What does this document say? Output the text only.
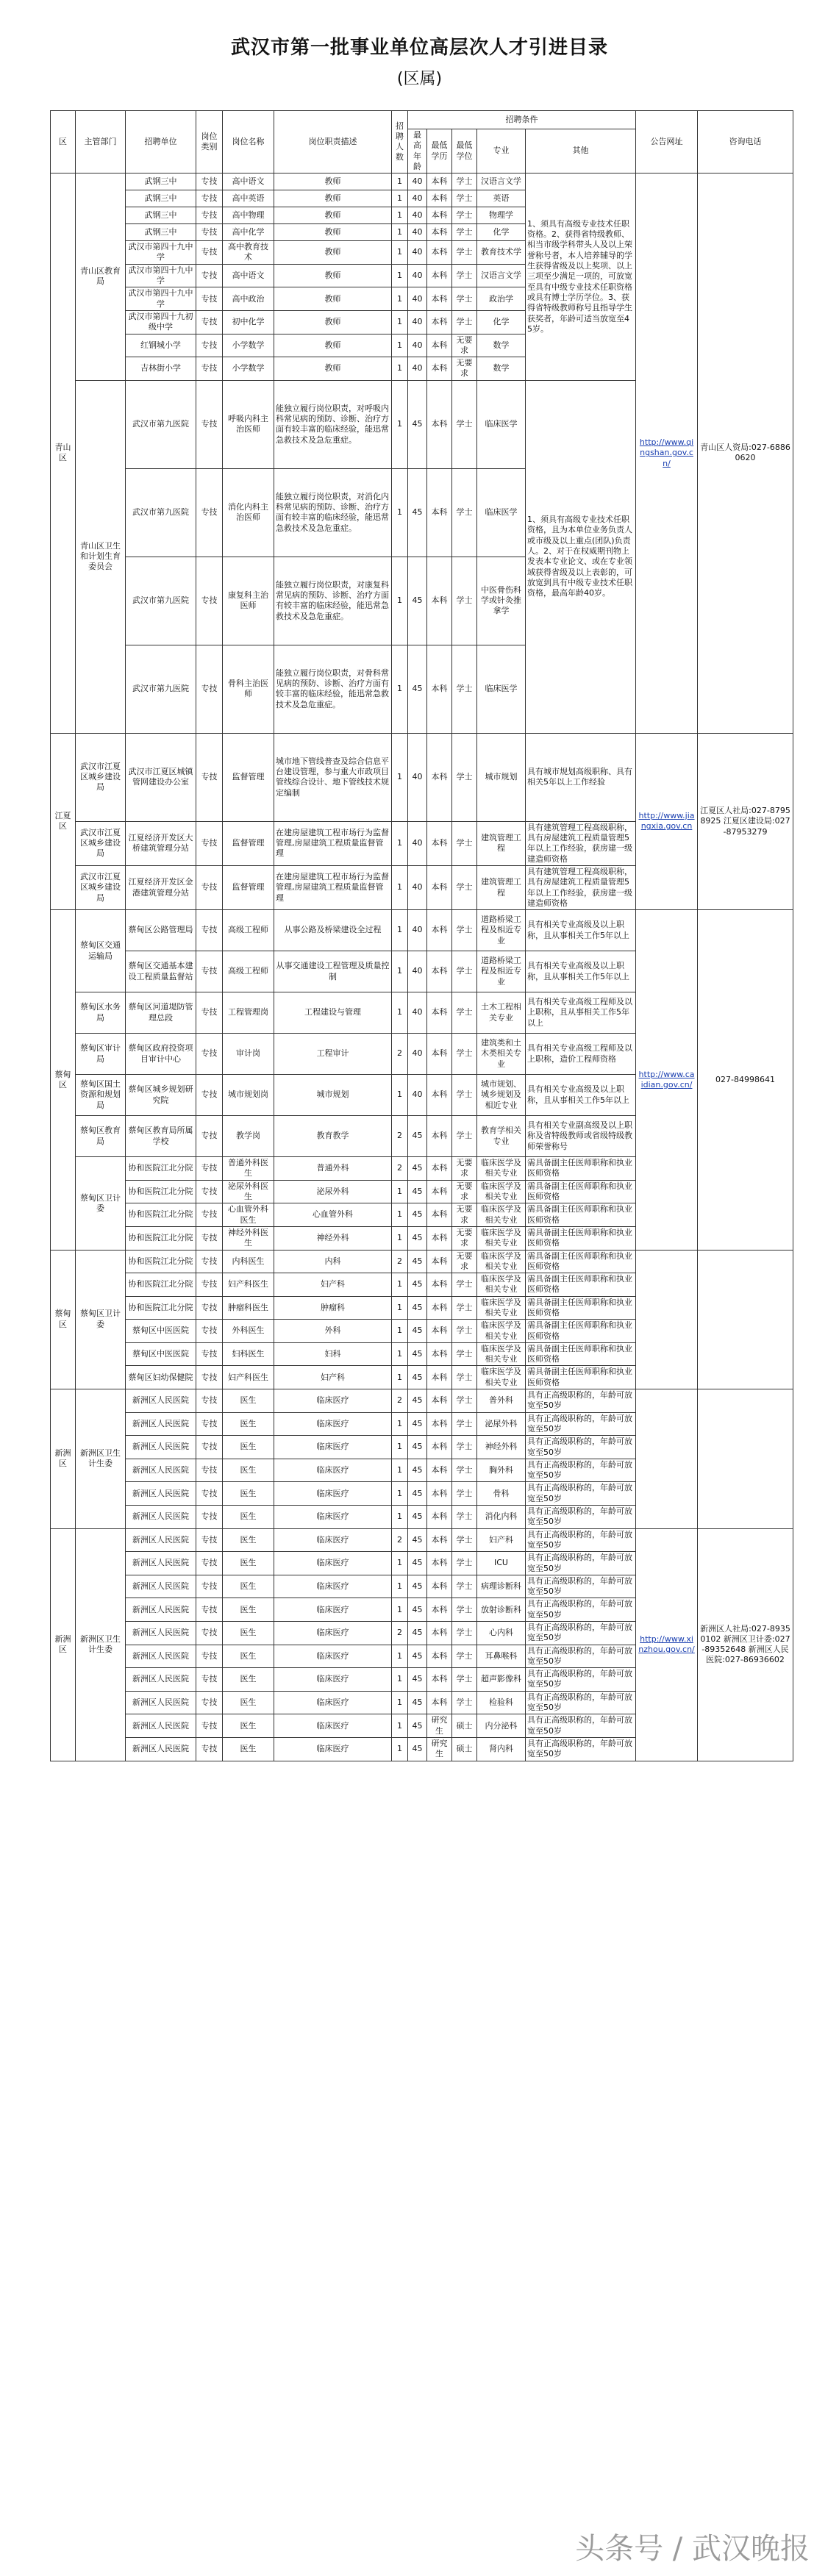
武汉市第一批事业单位高层次人才引进目录
(区属)
区	主管部门	招聘单位	岗位类别	岗位名称	岗位职责描述	招聘人数	招聘条件					公告网址	咨询电话
							最高年龄	最低学历	最低学位	专业	其他		
青山区	青山区教育局	武钢三中	专技	高中语文	教师	1	40	本科	学士	汉语言文学	1、须具有高级专业技术任职资格。2、获得省特级教师、相当市级学科带头人及以上荣誉称号者，本人培养辅导的学生获得省级及以上奖项、以上三项至少满足一项的，可放宽至具有中级专业技术任职资格或具有博士学历学位。3、获得省特级教师称号且指导学生获奖者，年龄可适当放宽至45岁。	http://www.qingshan.gov.cn/	青山区人资局:027-68860620
		武钢三中	专技	高中英语	教师	1	40	本科	学士	英语			
		武钢三中	专技	高中物理	教师	1	40	本科	学士	物理学			
		武钢三中	专技	高中化学	教师	1	40	本科	学士	化学			
		武汉市第四十九中学	专技	高中教育技术	教师	1	40	本科	学士	教育技术学			
		武汉市第四十九中学	专技	高中语文	教师	1	40	本科	学士	汉语言文学			
		武汉市第四十九中学	专技	高中政治	教师	1	40	本科	学士	政治学			
		武汉市第四十九初级中学	专技	初中化学	教师	1	40	本科	学士	化学			
		红钢城小学	专技	小学数学	教师	1	40	本科	无要求	数学			
		吉林街小学	专技	小学数学	教师	1	40	本科	无要求	数学			
	青山区卫生和计划生育委员会	武汉市第九医院	专技	呼吸内科主治医师	能独立履行岗位职责，对呼吸内科常见病的预防、诊断、治疗方面有较丰富的临床经验，能迅常急救技术及急危重症。	1	45	本科	学士	临床医学	1、须具有高级专业技术任职资格，且为本单位业务负责人或市级及以上重点(团队)负责人。2、对于在权威期刊物上发表本专业论文、或在专业领域获得省级及以上表彰的，可放宽到具有中级专业技术任职资格，最高年龄40岁。		
		武汉市第九医院	专技	消化内科主治医师	能独立履行岗位职责，对消化内科常见病的预防、诊断、治疗方面有较丰富的临床经验，能迅常急救技术及急危重症。	1	45	本科	学士	临床医学			
		武汉市第九医院	专技	康复科主治医师	能独立履行岗位职责，对康复科常见病的预防、诊断、治疗方面有较丰富的临床经验，能迅常急救技术及急危重症。	1	45	本科	学士	中医骨伤科学或针灸推拿学			
		武汉市第九医院	专技	骨科主治医师	能独立履行岗位职责，对骨科常见病的预防、诊断、治疗方面有较丰富的临床经验，能迅常急救技术及急危重症。	1	45	本科	学士	临床医学			
江夏区	武汉市江夏区城乡建设局	武汉市江夏区城镇管网建设办公室	专技	监督管理	城市地下管线普查及综合信息平台建设管理，参与重大市政项目管线综合设计、地下管线技术规定编制	1	40	本科	学士	城市规划	具有城市规划高级职称、具有相关5年以上工作经验	http://www.jiangxia.gov.cn	江夏区人社局:027-87958925 江夏区建设局:027-87953279
	武汉市江夏区城乡建设局	江夏经济开发区大桥建筑管理分站	专技	监督管理	在建房屋建筑工程市场行为监督管理,房屋建筑工程质量监督管理	1	40	本科	学士	建筑管理工程	具有建筑管理工程高级职称，具有房屋建筑工程质量管理5年以上工作经验，获房建一级建造师资格		
	武汉市江夏区城乡建设局	江夏经济开发区金港建筑管理分站	专技	监督管理	在建房屋建筑工程市场行为监督管理,房屋建筑工程质量监督管理	1	40	本科	学士	建筑管理工程	具有建筑管理工程高级职称，具有房屋建筑工程质量管理5年以上工作经验，获房建一级建造师资格		
蔡甸区	蔡甸区交通运输局	蔡甸区公路管理局	专技	高级工程师	从事公路及桥梁建设全过程	1	40	本科	学士	道路桥梁工程及相近专业	具有相关专业高级及以上职称，且从事相关工作5年以上	http://www.caidian.gov.cn/	027-84998641
		蔡甸区交通基本建设工程质量监督站	专技	高级工程师	从事交通建设工程管理及质量控制	1	40	本科	学士	道路桥梁工程及相近专业	具有相关专业高级及以上职称，且从事相关工作5年以上		
	蔡甸区水务局	蔡甸区河道堤防管理总段	专技	工程管理岗	工程建设与管理	1	40	本科	学士	土木工程相关专业	具有相关专业高级工程师及以上职称，且从事相关工作5年以上		
	蔡甸区审计局	蔡甸区政府投资项目审计中心	专技	审计岗	工程审计	2	40	本科	学士	建筑类和土木类相关专业	具有相关专业高级工程师及以上职称，造价工程师资格		
	蔡甸区国土资源和规划局	蔡甸区城乡规划研究院	专技	城市规划岗	城市规划	1	40	本科	学士	城市规划、城乡规划及相近专业	具有相关专业高级及以上职称，且从事相关工作5年以上		
	蔡甸区教育局	蔡甸区教育局所属学校	专技	教学岗	教育教学	2	45	本科	学士	教育学相关专业	具有相关专业副高级及以上职称及省特级教师或省级特级教师荣誉称号		
	蔡甸区卫计委	协和医院江北分院	专技	普通外科医生	普通外科	2	45	本科	无要求	临床医学及相关专业	需具备副主任医师职称和执业医师资格		
		协和医院江北分院	专技	泌尿外科医生	泌尿外科	1	45	本科	无要求	临床医学及相关专业	需具备副主任医师职称和执业医师资格		
		协和医院江北分院	专技	心血管外科医生	心血管外科	1	45	本科	无要求	临床医学及相关专业	需具备副主任医师职称和执业医师资格		
		协和医院江北分院	专技	神经外科医生	神经外科	1	45	本科	无要求	临床医学及相关专业	需具备副主任医师职称和执业医师资格		
蔡甸区	蔡甸区卫计委	协和医院江北分院	专技	内科医生	内科	2	45	本科	无要求	临床医学及相关专业	需具备副主任医师职称和执业医师资格		
		协和医院江北分院	专技	妇产科医生	妇产科	1	45	本科	学士	临床医学及相关专业	需具备副主任医师职称和执业医师资格		
		协和医院江北分院	专技	肿瘤科医生	肿瘤科	1	45	本科	学士	临床医学及相关专业	需具备副主任医师职称和执业医师资格		
		蔡甸区中医医院	专技	外科医生	外科	1	45	本科	学士	临床医学及相关专业	需具备副主任医师职称和执业医师资格		
		蔡甸区中医医院	专技	妇科医生	妇科	1	45	本科	学士	临床医学及相关专业	需具备副主任医师职称和执业医师资格		
		蔡甸区妇幼保健院	专技	妇产科医生	妇产科	1	45	本科	学士	临床医学及相关专业	需具备副主任医师职称和执业医师资格		
新洲区	新洲区卫生计生委	新洲区人民医院	专技	医生	临床医疗	2	45	本科	学士	普外科	具有正高级职称的，年龄可放宽至50岁		
		新洲区人民医院	专技	医生	临床医疗	1	45	本科	学士	泌尿外科	具有正高级职称的，年龄可放宽至50岁		
		新洲区人民医院	专技	医生	临床医疗	1	45	本科	学士	神经外科	具有正高级职称的，年龄可放宽至50岁		
		新洲区人民医院	专技	医生	临床医疗	1	45	本科	学士	胸外科	具有正高级职称的，年龄可放宽至50岁		
		新洲区人民医院	专技	医生	临床医疗	1	45	本科	学士	骨科	具有正高级职称的，年龄可放宽至50岁		
		新洲区人民医院	专技	医生	临床医疗	1	45	本科	学士	消化内科	具有正高级职称的，年龄可放宽至50岁		
新洲区	新洲区卫生计生委	新洲区人民医院	专技	医生	临床医疗	2	45	本科	学士	妇产科	具有正高级职称的，年龄可放宽至50岁	http://www.xinzhou.gov.cn/	新洲区人社局:027-89350102 新洲区卫计委:027-89352648 新洲区人民医院:027-86936602
		新洲区人民医院	专技	医生	临床医疗	1	45	本科	学士	ICU	具有正高级职称的，年龄可放宽至50岁		
		新洲区人民医院	专技	医生	临床医疗	1	45	本科	学士	病理诊断科	具有正高级职称的，年龄可放宽至50岁		
		新洲区人民医院	专技	医生	临床医疗	1	45	本科	学士	放射诊断科	具有正高级职称的，年龄可放宽至50岁		
		新洲区人民医院	专技	医生	临床医疗	2	45	本科	学士	心内科	具有正高级职称的，年龄可放宽至50岁		
		新洲区人民医院	专技	医生	临床医疗	1	45	本科	学士	耳鼻喉科	具有正高级职称的，年龄可放宽至50岁		
		新洲区人民医院	专技	医生	临床医疗	1	45	本科	学士	超声影像科	具有正高级职称的，年龄可放宽至50岁		
		新洲区人民医院	专技	医生	临床医疗	1	45	本科	学士	检验科	具有正高级职称的，年龄可放宽至50岁		
		新洲区人民医院	专技	医生	临床医疗	1	45	研究生	硕士	内分泌科	具有正高级职称的，年龄可放宽至50岁		
		新洲区人民医院	专技	医生	临床医疗	1	45	研究生	硕士	肾内科	具有正高级职称的，年龄可放宽至50岁		
头条号 / 武汉晚报
